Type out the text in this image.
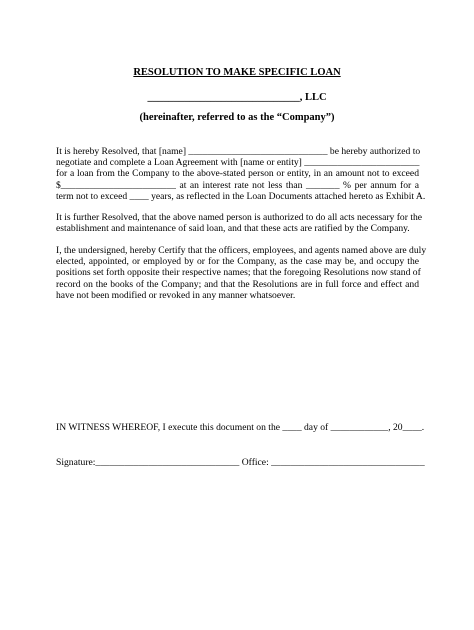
RESOLUTION TO MAKE SPECIFIC LOAN
_____________________________, LLC
(hereinafter, referred to as the “Company”)
It is hereby Resolved, that [name] _____________________________ be hereby authorized to
negotiate and complete a Loan Agreement with [name or entity] ________________________
for a loan from the Company to the above-stated person or entity, in an amount not to exceed
$________________________ at an interest rate not less than _______ % per annum for a
term not to exceed ____ years, as reflected in the Loan Documents attached hereto as Exhibit A.
It is further Resolved, that the above named person is authorized to do all acts necessary for the
establishment and maintenance of said loan, and that these acts are ratified by the Company.
I, the undersigned, hereby Certify that the officers, employees, and agents named above are duly
elected, appointed, or employed by or for the Company, as the case may be, and occupy the
positions set forth opposite their respective names; that the foregoing Resolutions now stand of
record on the books of the Company; and that the Resolutions are in full force and effect and
have not been modified or revoked in any manner whatsoever.
IN WITNESS WHEREOF, I execute this document on the ____ day of ____________, 20____.
Signature:______________________________ Office: ________________________________
